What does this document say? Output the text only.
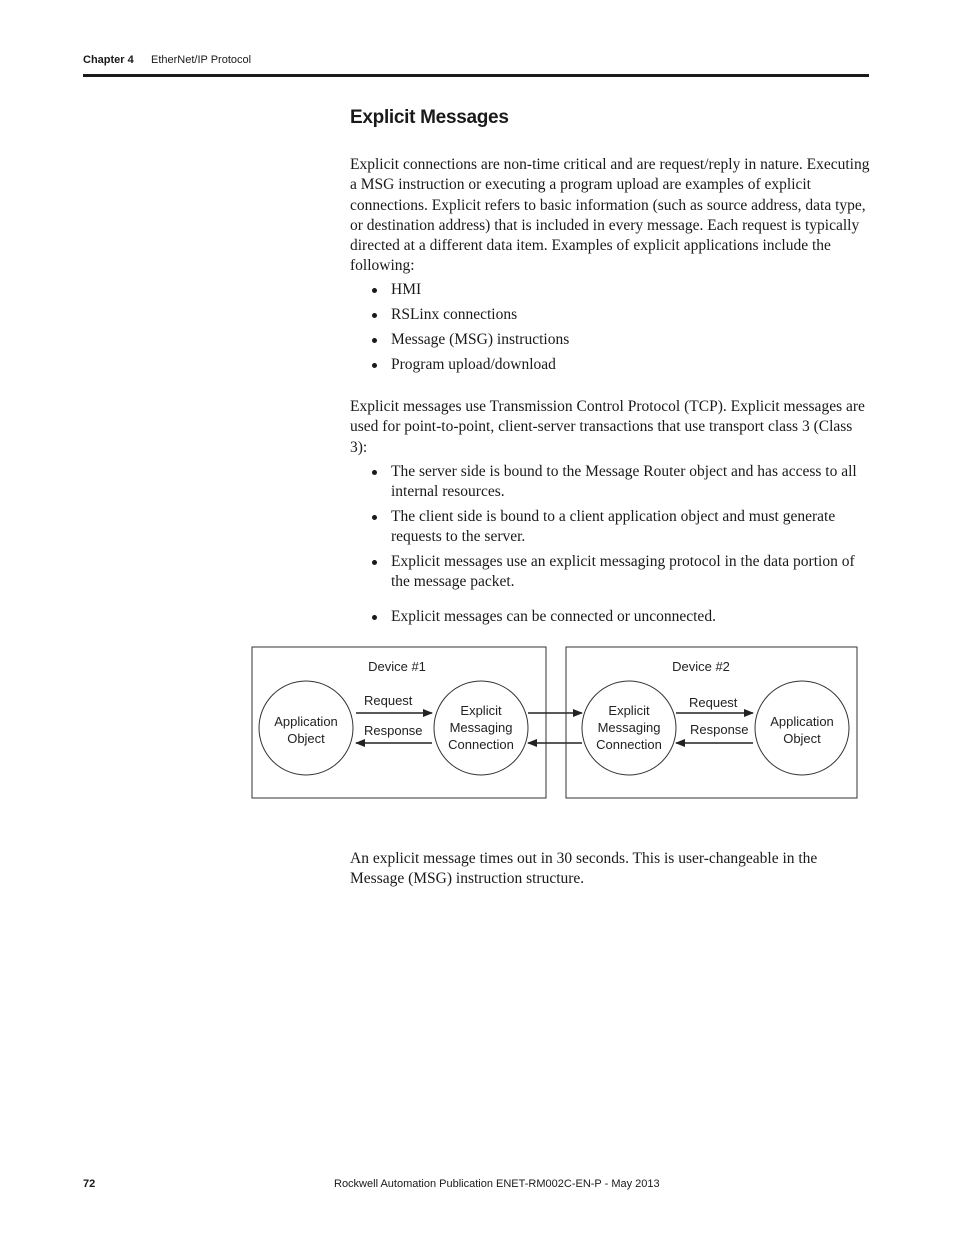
Chapter 4 EtherNet/IP Protocol
Explicit Messages

Explicit connections are non-time critical and are request/reply in nature. Executing a MSG instruction or executing a program upload are examples of explicit connections. Explicit refers to basic information (such as source address, data type, or destination address) that is included in every message. Each request is typically directed at a different data item. Examples of explicit applications include the following:

HMI
RSLinx connections
Message (MSG) instructions
Program upload/download

Explicit messages use Transmission Control Protocol (TCP). Explicit messages are used for point-to-point, client-server transactions that use transport class 3 (Class 3):

The server side is bound to the Message Router object and has access to all internal resources.
The client side is bound to a client application object and must generate requests to the server.
Explicit messages use an explicit messaging protocol in the data portion of the message packet.
Explicit messages can be connected or unconnected.
Device #1
Application
Object
Explicit
Messaging
Connection
Request
Response
Device #2
Explicit
Messaging
Connection
Application
Object
Request
Response

An explicit message times out in 30 seconds. This is user-changeable in the Message (MSG) instruction structure.

72	Rockwell Automation Publication ENET-RM002C-EN-P - May 2013
